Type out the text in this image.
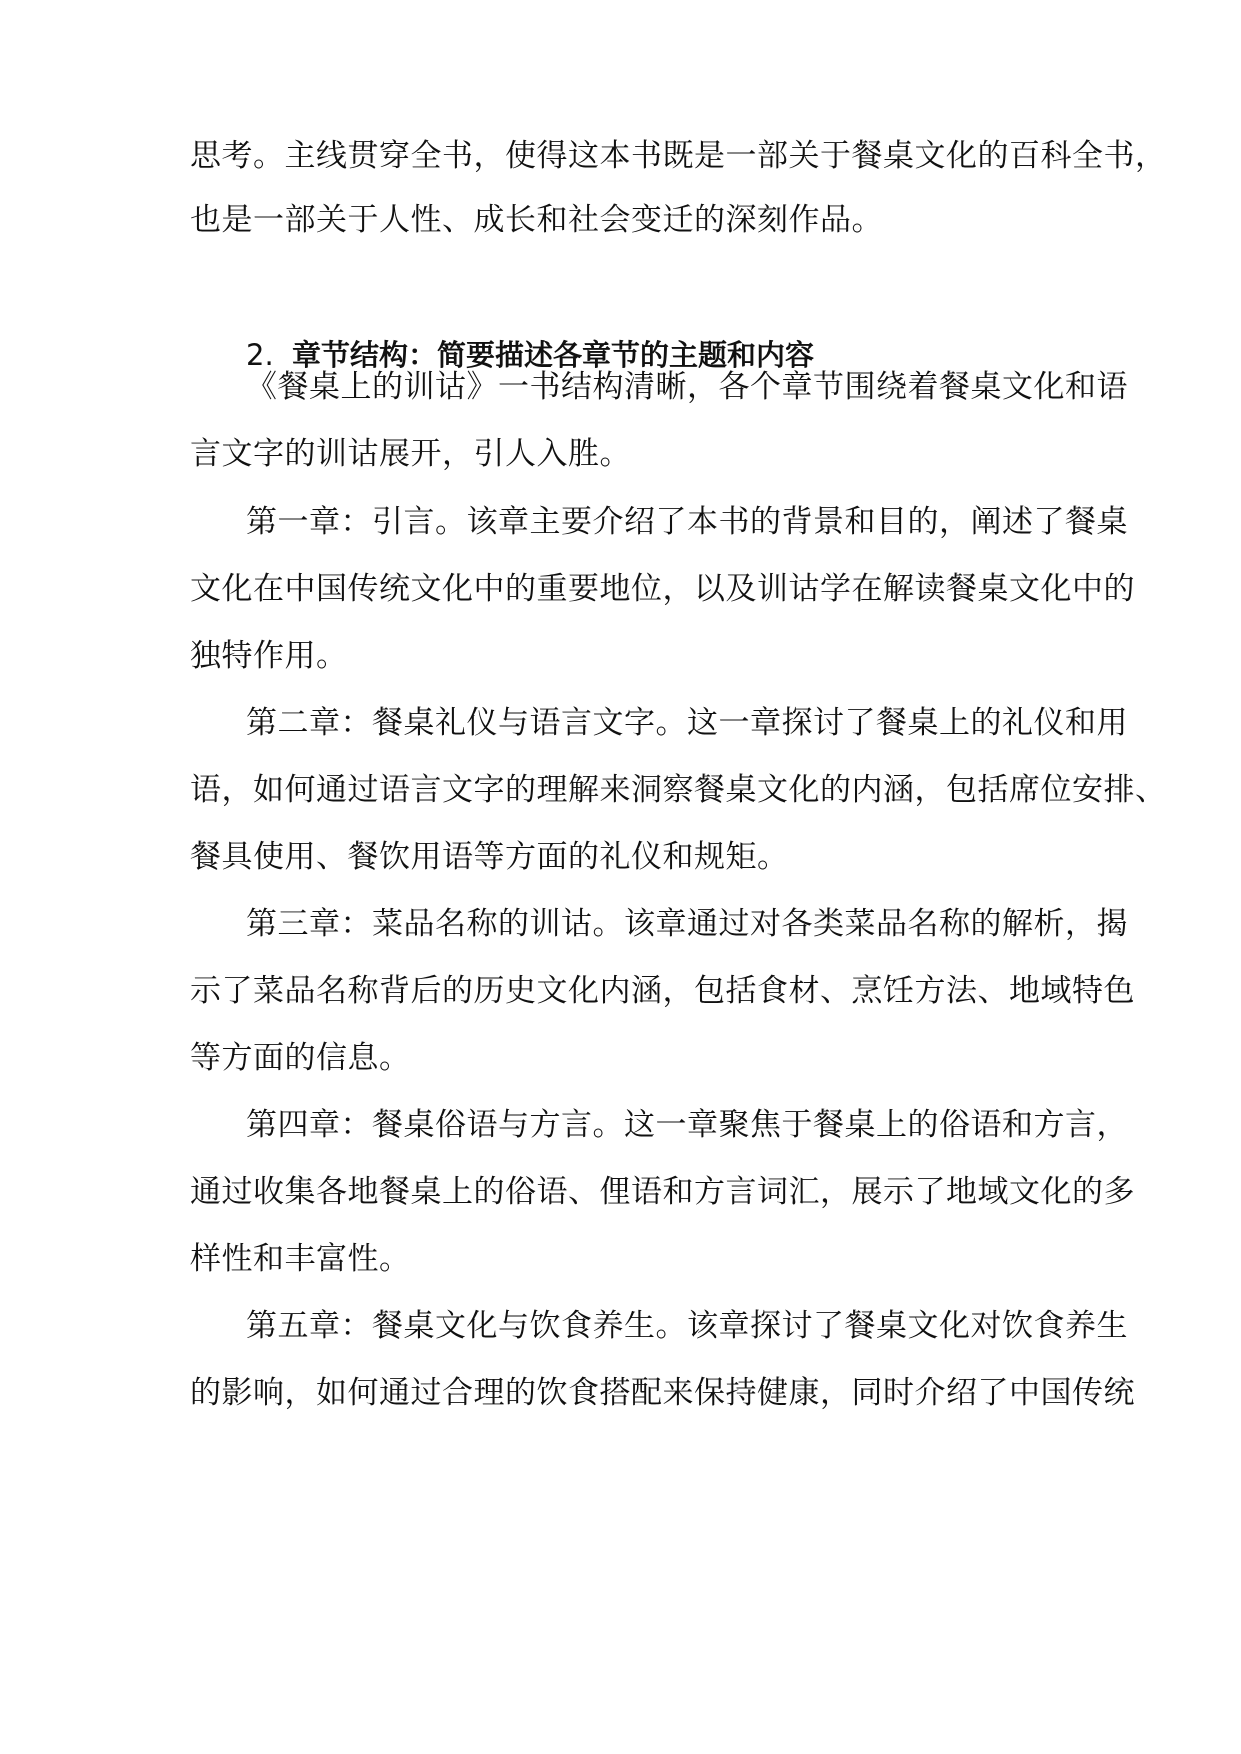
思考。主线贯穿全书，使得这本书既是一部关于餐桌文化的百科全书，
也是一部关于人性、成长和社会变迁的深刻作品。
2. 章节结构：简要描述各章节的主题和内容
《餐桌上的训诂》一书结构清晰，各个章节围绕着餐桌文化和语
言文字的训诂展开，引人入胜。
第一章：引言。该章主要介绍了本书的背景和目的，阐述了餐桌
文化在中国传统文化中的重要地位，以及训诂学在解读餐桌文化中的
独特作用。
第二章：餐桌礼仪与语言文字。这一章探讨了餐桌上的礼仪和用
语，如何通过语言文字的理解来洞察餐桌文化的内涵，包括席位安排、
餐具使用、餐饮用语等方面的礼仪和规矩。
第三章：菜品名称的训诂。该章通过对各类菜品名称的解析，揭
示了菜品名称背后的历史文化内涵，包括食材、烹饪方法、地域特色
等方面的信息。
第四章：餐桌俗语与方言。这一章聚焦于餐桌上的俗语和方言，
通过收集各地餐桌上的俗语、俚语和方言词汇，展示了地域文化的多
样性和丰富性。
第五章：餐桌文化与饮食养生。该章探讨了餐桌文化对饮食养生
的影响，如何通过合理的饮食搭配来保持健康，同时介绍了中国传统
